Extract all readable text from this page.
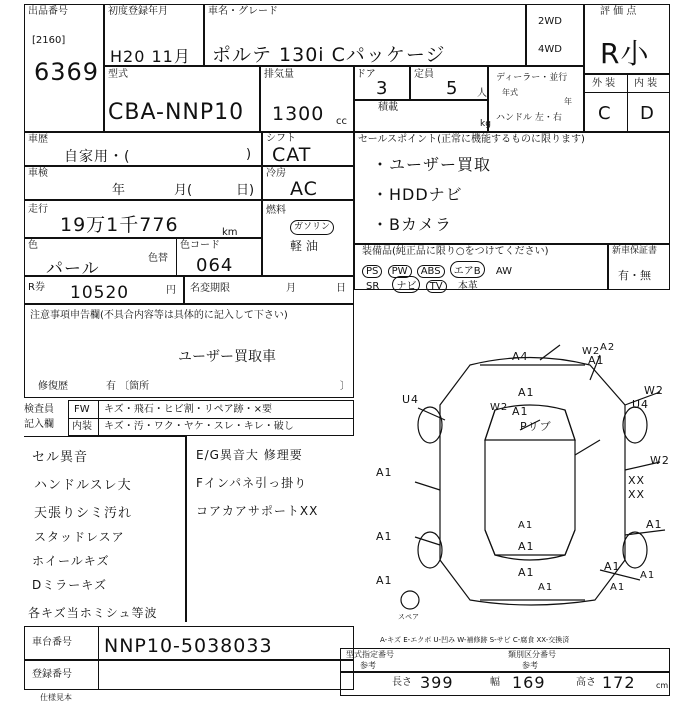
出品番号
[2160]
6369
初度登録年月
H20 11月
車名・グレード
ポルテ 130i Cパッケージ
2WD
4WD
評 価 点
R小
型式
CBA-NNP10
排気量
1300 cc
ドア
3
定員
5 人
積載
kg
ディーラー・並行
年式
年
ハンドル 左・右
外 装 内 装
C D
車歴
自家用・(	)
車検
年	月(	日)
走行
19万1千776	km
色
パール
色替
色コード
064
シフト
CAT
冷房
AC
燃料
ガソリン
軽 油
セールスポイント(正常に機能するものに限ります)
・ユーザー買取
・HDDナビ
・Bカメラ
装備品(純正品に限り○をつけてください)
PS PW ABS エアB AW
SR ナビ TV 本革
新車保証書
有・無
R券 10520	円 名変期限	月	日
注意事項申告欄(不具合内容等は具体的に記入して下さい)
ユーザー買取車
修復歴	有 〔箇所	〕
検査員
記入欄
FW キズ・飛石・ヒビ割・リペア跡・×要
内装 キズ・汚・ワク・ヤケ・スレ・キレ・破し
セル異音
ハンドルスレ大
天張りシミ汚れ
スタッドレスア
ホイールキズ
Dミラーキズ
各キズ当ホミシュ等波
E/G異音大 修理要
Fインパネ引っ掛り
コアカアサポートXX
A4	A1
A1
U4	U4
A1
W2
W2
Pリブ
A1
W2
A1
A1
A1
A1
A1
A1
A1	A1
XX
XX
A1
A2
W2
A1
スペア
A-キズ E-エクボ U-凹み W-補修跡 S-サビ C-腐食 XX-交換済
車台番号 NNP10-5038033
登録番号
型式指定番号
参考
類別区分番号
参考
長さ 399	幅 169	高さ 172	cm
仕様見本
